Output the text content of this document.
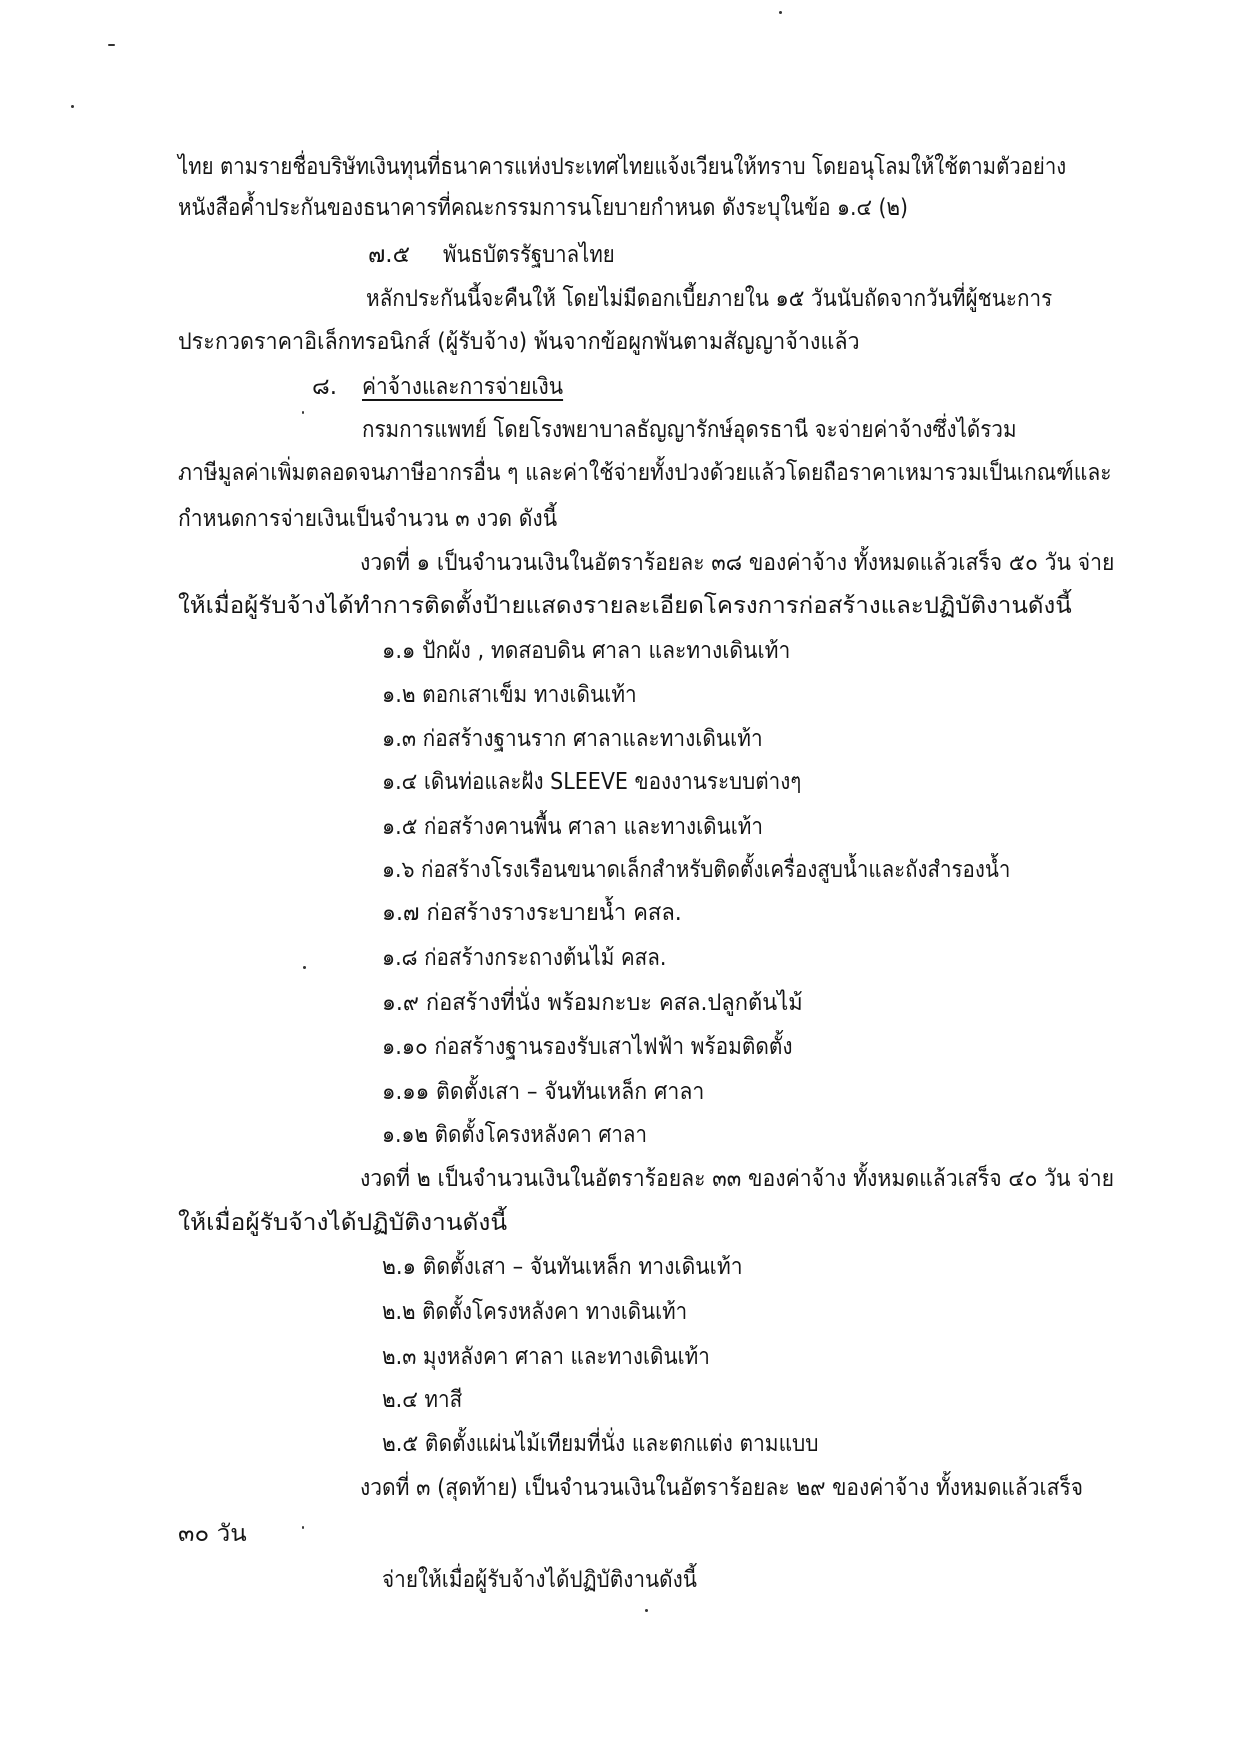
ไทย ตามรายชื่อบริษัทเงินทุนที่ธนาคารแห่งประเทศไทยแจ้งเวียนให้ทราบ โดยอนุโลมให้ใช้ตามตัวอย่าง
หนังสือค้ำประกันของธนาคารที่คณะกรรมการนโยบายกำหนด ดังระบุในข้อ ๑.๔ (๒)
๗.๕ พันธบัตรรัฐบาลไทย
หลักประกันนี้จะคืนให้ โดยไม่มีดอกเบี้ยภายใน ๑๕ วันนับถัดจากวันที่ผู้ชนะการ
ประกวดราคาอิเล็กทรอนิกส์ (ผู้รับจ้าง) พ้นจากข้อผูกพันตามสัญญาจ้างแล้ว
๘. ค่าจ้างและการจ่ายเงิน
กรมการแพทย์ โดยโรงพยาบาลธัญญารักษ์อุดรธานี จะจ่ายค่าจ้างซึ่งได้รวม
ภาษีมูลค่าเพิ่มตลอดจนภาษีอากรอื่น ๆ และค่าใช้จ่ายทั้งปวงด้วยแล้วโดยถือราคาเหมารวมเป็นเกณฑ์และ
กำหนดการจ่ายเงินเป็นจำนวน ๓ งวด ดังนี้
งวดที่ ๑ เป็นจำนวนเงินในอัตราร้อยละ ๓๘ ของค่าจ้าง ทั้งหมดแล้วเสร็จ ๕๐ วัน จ่าย
ให้เมื่อผู้รับจ้างได้ทำการติดตั้งป้ายแสดงรายละเอียดโครงการก่อสร้างและปฏิบัติงานดังนี้
๑.๑ ปักผัง , ทดสอบดิน ศาลา และทางเดินเท้า
๑.๒ ตอกเสาเข็ม ทางเดินเท้า
๑.๓ ก่อสร้างฐานราก ศาลาและทางเดินเท้า
๑.๔ เดินท่อและฝัง SLEEVE ของงานระบบต่างๆ
๑.๕ ก่อสร้างคานพื้น ศาลา และทางเดินเท้า
๑.๖ ก่อสร้างโรงเรือนขนาดเล็กสำหรับติดตั้งเครื่องสูบน้ำและถังสำรองน้ำ
๑.๗ ก่อสร้างรางระบายน้ำ คสล.
๑.๘ ก่อสร้างกระถางต้นไม้ คสล.
๑.๙ ก่อสร้างที่นั่ง พร้อมกะบะ คสล.ปลูกต้นไม้
๑.๑๐ ก่อสร้างฐานรองรับเสาไฟฟ้า พร้อมติดตั้ง
๑.๑๑ ติดตั้งเสา – จันทันเหล็ก ศาลา
๑.๑๒ ติดตั้งโครงหลังคา ศาลา
งวดที่ ๒ เป็นจำนวนเงินในอัตราร้อยละ ๓๓ ของค่าจ้าง ทั้งหมดแล้วเสร็จ ๔๐ วัน จ่าย
ให้เมื่อผู้รับจ้างได้ปฏิบัติงานดังนี้
๒.๑ ติดตั้งเสา – จันทันเหล็ก ทางเดินเท้า
๒.๒ ติดตั้งโครงหลังคา ทางเดินเท้า
๒.๓ มุงหลังคา ศาลา และทางเดินเท้า
๒.๔ ทาสี
๒.๕ ติดตั้งแผ่นไม้เทียมที่นั่ง และตกแต่ง ตามแบบ
งวดที่ ๓ (สุดท้าย) เป็นจำนวนเงินในอัตราร้อยละ ๒๙ ของค่าจ้าง ทั้งหมดแล้วเสร็จ
๓๐ วัน
จ่ายให้เมื่อผู้รับจ้างได้ปฏิบัติงานดังนี้
